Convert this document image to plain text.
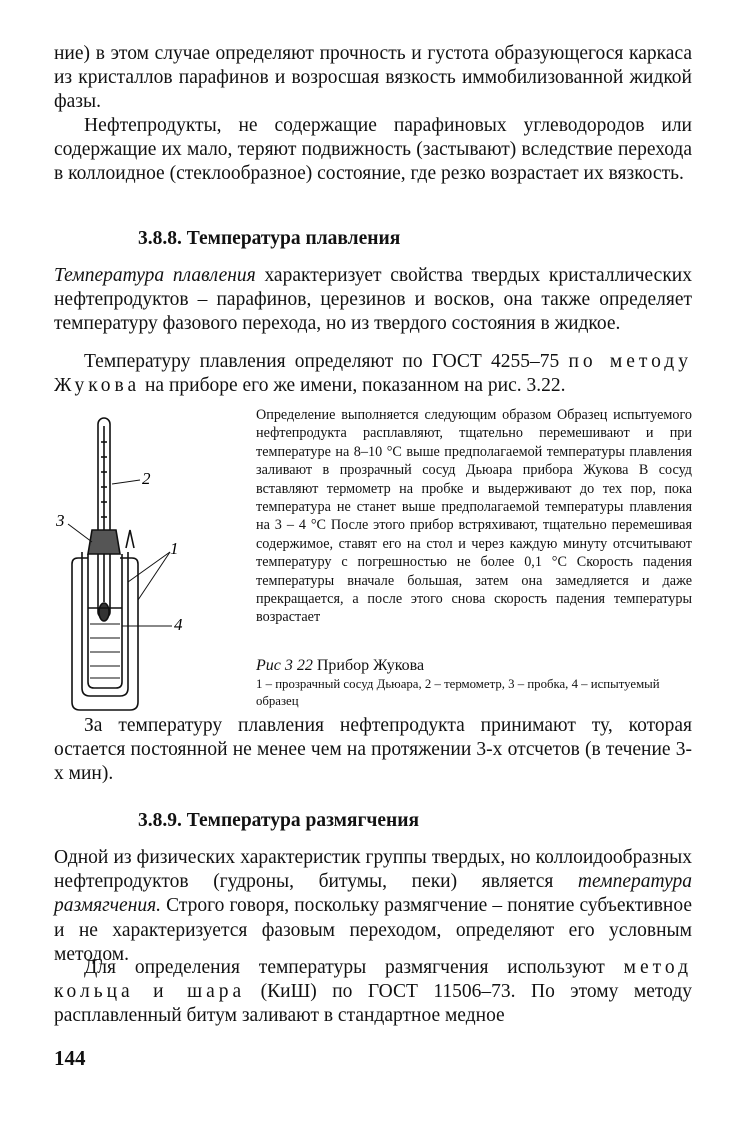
ние) в этом случае определяют прочность и густота образующегося каркаса из кристаллов парафинов и возросшая вязкость иммобилизованной жидкой фазы.

Нефтепродукты, не содержащие парафиновых углеводородов или содержащие их мало, теряют подвижность (застывают) вследствие перехода в коллоидное (стеклообразное) состояние, где резко возрастает их вязкость.

3.8.8. Температура плавления

Температура плавления характеризует свойства твердых кристаллических нефтепродуктов – парафинов, церезинов и восков, она также определяет температуру фазового перехода, но из твердого состояния в жидкое.

Температуру плавления определяют по ГОСТ 4255–75 по методу Жукова на приборе его же имени, показанном на рис. 3.22.

2
3
1
4

Определение выполняется следующим образом Образец испытуемого нефтепродукта расплавляют, тщательно перемешивают и при температуре на 8–10 °С выше предполагаемой температуры плавления заливают в прозрачный сосуд Дьюара прибора Жукова В сосуд вставляют термометр на пробке и выдерживают до тех пор, пока температура не станет выше предполагаемой температуры плавления на 3 – 4 °С После этого прибор встряхивают, тщательно перемешивая содержимое, ставят его на стол и через каждую минуту отсчитывают температуру с погрешностью не более 0,1 °С Скорость падения температуры вначале большая, затем она замедляется и даже прекращается, а после этого снова скорость падения температуры возрастает

Рис 3 22 Прибор Жукова

1 – прозрачный сосуд Дьюара, 2 – термометр, 3 – пробка, 4 – испытуемый образец

За температуру плавления нефтепродукта принимают ту, которая остается постоянной не менее чем на протяжении 3-х отсчетов (в течение 3-х мин).

3.8.9. Температура размягчения

Одной из физических характеристик группы твердых, но коллоидообразных нефтепродуктов (гудроны, битумы, пеки) является температура размягчения. Строго говоря, поскольку размягчение – понятие субъективное и не характеризуется фазовым переходом, определяют его условным методом.

Для определения температуры размягчения используют метод кольца и шара (КиШ) по ГОСТ 11506–73. По этому методу расплавленный битум заливают в стандартное медное

144
